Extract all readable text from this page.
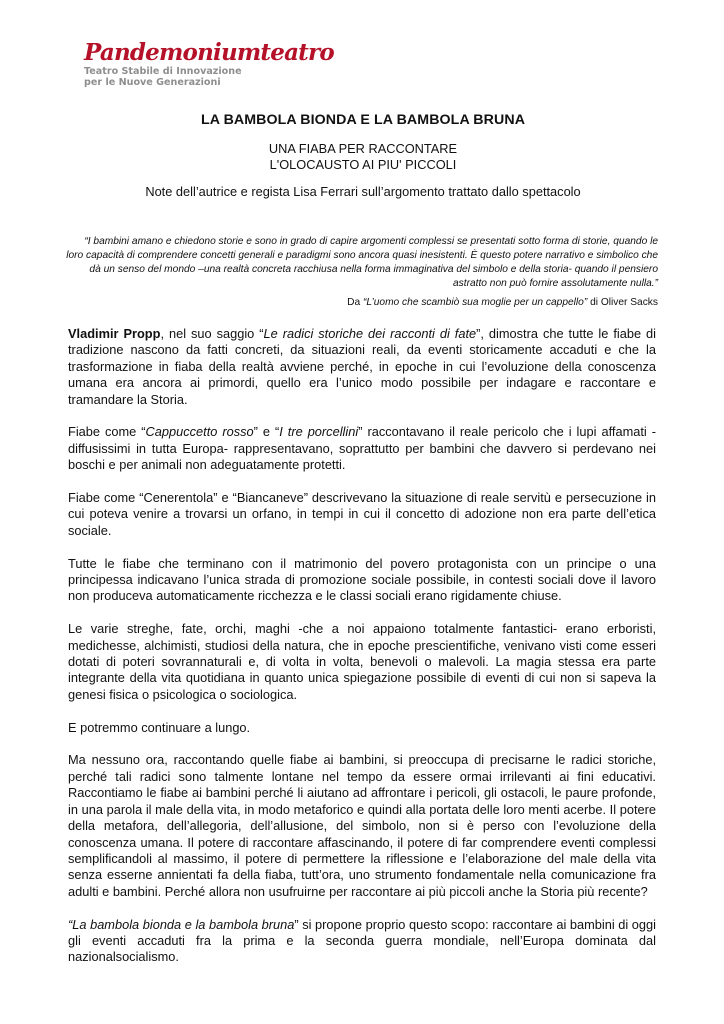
Pandemoniumteatro
Teatro Stabile di Innovazione
per le Nuove Generazioni
LA BAMBOLA BIONDA E LA BAMBOLA BRUNA
UNA FIABA PER RACCONTARE
L'OLOCAUSTO AI PIU' PICCOLI
Note dell’autrice e regista Lisa Ferrari sull’argomento trattato dallo spettacolo
“I bambini amano e chiedono storie e sono in grado di capire argomenti complessi se presentati sotto forma di storie, quando le loro capacità di comprendere concetti generali e paradigmi sono ancora quasi inesistenti. È questo potere narrativo e simbolico che dà un senso del mondo –una realtà concreta racchiusa nella forma immaginativa del simbolo e della storia- quando il pensiero astratto non può fornire assolutamente nulla.”
Da “L’uomo che scambiò sua moglie per un cappello” di Oliver Sacks

Vladimir Propp, nel suo saggio “Le radici storiche dei racconti di fate”, dimostra che tutte le fiabe di tradizione nascono da fatti concreti, da situazioni reali, da eventi storicamente accaduti e che la trasformazione in fiaba della realtà avviene perché, in epoche in cui l’evoluzione della conoscenza umana era ancora ai primordi, quello era l’unico modo possibile per indagare e raccontare e tramandare la Storia.

Fiabe come “Cappuccetto rosso” e “I tre porcellini” raccontavano il reale pericolo che i lupi affamati -diffusissimi in tutta Europa- rappresentavano, soprattutto per bambini che davvero si perdevano nei boschi e per animali non adeguatamente protetti.

Fiabe come “Cenerentola” e “Biancaneve” descrivevano la situazione di reale servitù e persecuzione in cui poteva venire a trovarsi un orfano, in tempi in cui il concetto di adozione non era parte dell’etica sociale.

Tutte le fiabe che terminano con il matrimonio del povero protagonista con un principe o una principessa indicavano l’unica strada di promozione sociale possibile, in contesti sociali dove il lavoro non produceva automaticamente ricchezza e le classi sociali erano rigidamente chiuse.

Le varie streghe, fate, orchi, maghi -che a noi appaiono totalmente fantastici- erano erboristi, medichesse, alchimisti, studiosi della natura, che in epoche prescientifiche, venivano visti come esseri dotati di poteri sovrannaturali e, di volta in volta, benevoli o malevoli. La magia stessa era parte integrante della vita quotidiana in quanto unica spiegazione possibile di eventi di cui non si sapeva la genesi fisica o psicologica o sociologica.

E potremmo continuare a lungo.

Ma nessuno ora, raccontando quelle fiabe ai bambini, si preoccupa di precisarne le radici storiche, perché tali radici sono talmente lontane nel tempo da essere ormai irrilevanti ai fini educativi. Raccontiamo le fiabe ai bambini perché li aiutano ad affrontare i pericoli, gli ostacoli, le paure profonde, in una parola il male della vita, in modo metaforico e quindi alla portata delle loro menti acerbe. Il potere della metafora, dell’allegoria, dell’allusione, del simbolo, non si è perso con l’evoluzione della conoscenza umana. Il potere di raccontare affascinando, il potere di far comprendere eventi complessi semplificandoli al massimo, il potere di permettere la riflessione e l’elaborazione del male della vita senza esserne annientati fa della fiaba, tutt’ora, uno strumento fondamentale nella comunicazione fra adulti e bambini. Perché allora non usufruirne per raccontare ai più piccoli anche la Storia più recente?

“La bambola bionda e la bambola bruna” si propone proprio questo scopo: raccontare ai bambini di oggi gli eventi accaduti fra la prima e la seconda guerra mondiale, nell’Europa dominata dal nazionalsocialismo.
